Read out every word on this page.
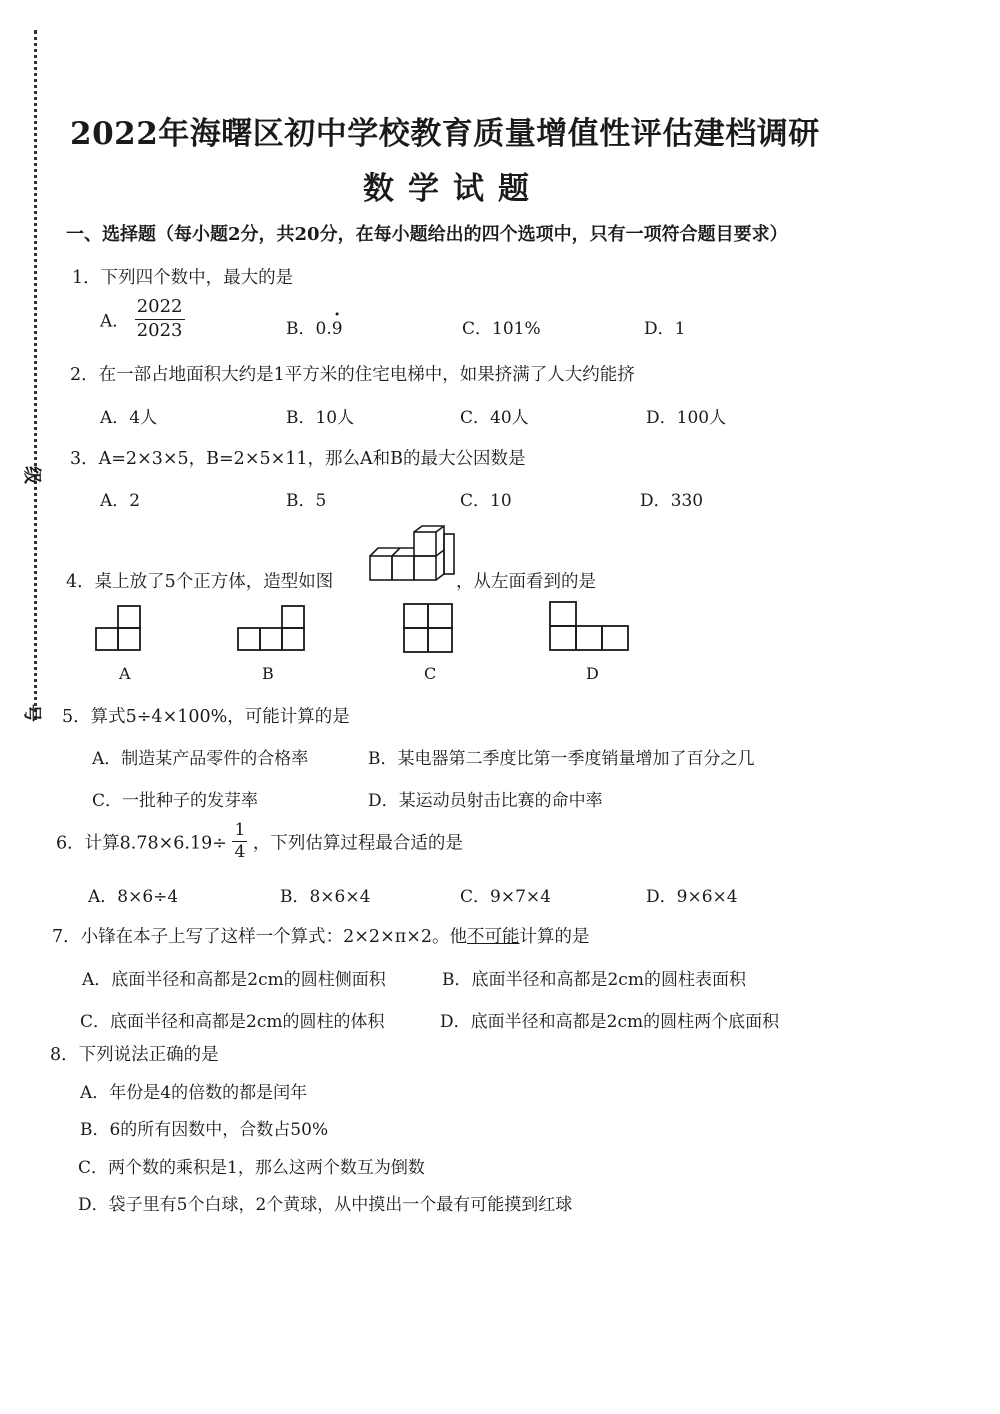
级
号
2022年海曙区初中学校教育质量增值性评估建档调研
数学试题
一、选择题（每小题2分，共20分，在每小题给出的四个选项中，只有一项符合题目要求）
1．下列四个数中，最大的是
A． $\frac{2022}{2023}$	B．0.9 ·	C．101%	D．1
2．在一部占地面积大约是1平方米的住宅电梯中，如果挤满了人大约能挤
A．4人	B．10人	C．40人	D．100人
3．A=2×3×5，B=2×5×11，那么A和B的最大公因数是
A．2	B．5	C．10	D．330
4．桌上放了5个正方体，造型如图	，从左面看到的是
A	B	C	D
5．算式5÷4×100%，可能计算的是
A．制造某产品零件的合格率	B．某电器第二季度比第一季度销量增加了百分之几
C．一批种子的发芽率	D．某运动员射击比赛的命中率
6．计算$8.78\times 6.19\div \frac{1}{4}$ ，下列估算过程最合适的是
A．8×6÷4	B．8×6×4	C．9×7×4	D．9×6×4
7．小锋在本子上写了这样一个算式：2×2×π×2。他不可能计算的是
A．底面半径和高都是2cm的圆柱侧面积	B．底面半径和高都是2cm的圆柱表面积
C．底面半径和高都是2cm的圆柱的体积	D．底面半径和高都是2cm的圆柱两个底面积
8．下列说法正确的是
A．年份是4的倍数的都是闰年
B．6的所有因数中，合数占50%
C．两个数的乘积是1，那么这两个数互为倒数
D．袋子里有5个白球，2个黄球，从中摸出一个最有可能摸到红球
